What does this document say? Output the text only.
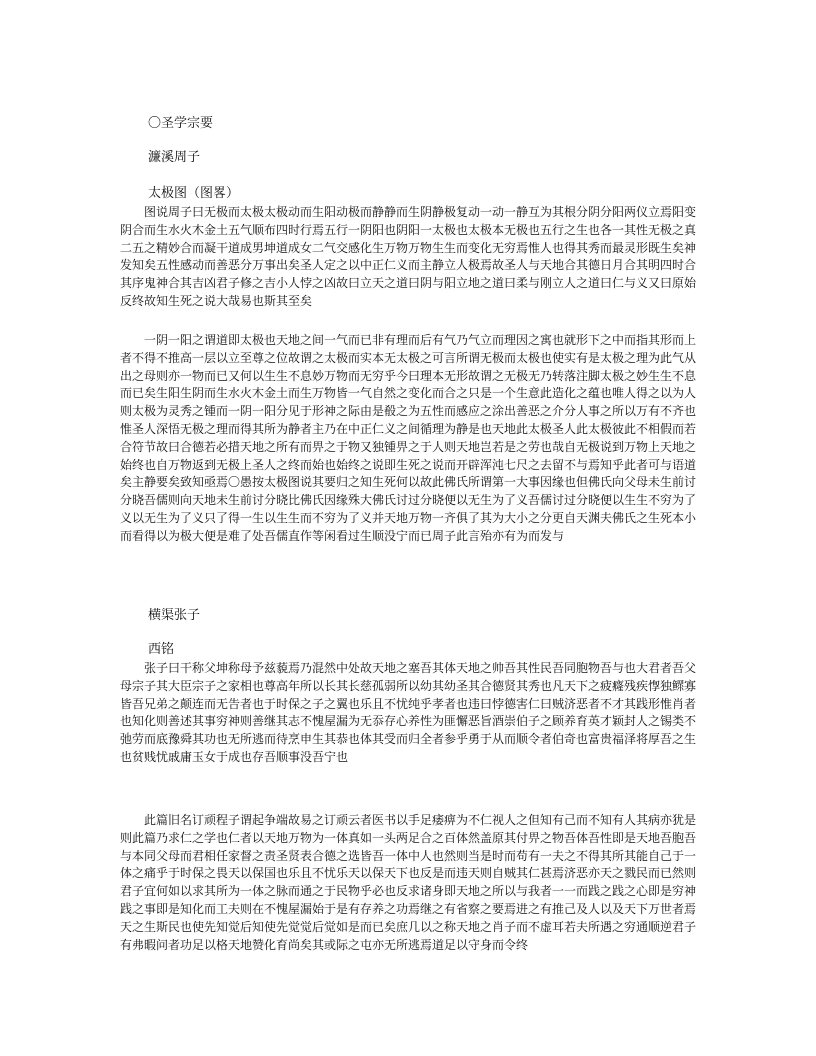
〇圣学宗要

濂溪周子

太极图（图畧）

图说周子曰无极而太极太极动而生阳动极而静静而生阴静极复动一动一静互为其根分阴分阳两仪立焉阳变阴合而生水火木金土五气顺布四时行焉五行一阴阳也阴阳一太极也太极本无极也五行之生也各一其性无极之真二五之精妙合而凝干道成男坤道成女二气交感化生万物万物生生而变化无穷焉惟人也得其秀而最灵形既生矣神发知矣五性感动而善恶分万事出矣圣人定之以中正仁义而主静立人极焉故圣人与天地合其德日月合其明四时合其序鬼神合其吉凶君子修之吉小人悖之凶故曰立天之道曰阴与阳立地之道曰柔与刚立人之道曰仁与义又曰原始反终故知生死之说大哉易也斯其至矣

一阴一阳之谓道即太极也天地之间一气而已非有理而后有气乃气立而理因之寓也就形下之中而指其形而上者不得不推高一层以立至尊之位故谓之太极而实本无太极之可言所谓无极而太极也使实有是太极之理为此气从出之母则亦一物而已又何以生生不息妙万物而无穷乎今曰理本无形故谓之无极无乃转落注脚太极之妙生生不息而已矣生阳生阴而生水火木金土而生万物皆一气自然之变化而合之只是一个生意此造化之蕴也唯人得之以为人则太极为灵秀之锺而一阴一阳分见于形神之际由是殽之为五性而感应之涂出善恶之介分人事之所以万有不齐也惟圣人深悟无极之理而得其所为静者主乃在中正仁义之间循理为静是也天地此太极圣人此太极彼此不相假而若合符节故曰合德若必措天地之所有而畀之于物又独锺畀之于人则天地岂若是之劳也哉自无极说到万物上天地之始终也自万物返到无极上圣人之终而始也始终之说即生死之说而开辟浑沌七尺之去留不与焉知乎此者可与语道矣主静要矣致知亟焉〇愚按太极图说其要归之知生死何以故此佛氏所谓第一大事因缘也但佛氏向父母未生前讨分晓吾儒则向天地未生前讨分晓比佛氏因缘殊大佛氏讨过分晓便以无生为了义吾儒讨过分晓便以生生不穷为了义以无生为了义只了得一生以生生而不穷为了义并天地万物一齐俱了其为大小之分更自天渊夫佛氏之生死本小而看得以为极大便是难了处吾儒直作等闲看过生顺没宁而已周子此言殆亦有为而发与

横渠张子

西铭

张子曰干称父坤称母予兹藐焉乃混然中处故天地之塞吾其体天地之帅吾其性民吾同胞物吾与也大君者吾父母宗子其大臣宗子之家相也尊高年所以长其长慈孤弱所以幼其幼圣其合德贤其秀也凡天下之疲癃残疾惸独鳏寡皆吾兄弟之颠连而无告者也于时保之子之翼也乐且不忧纯乎孝者也违曰悖德害仁曰贼济恶者不才其践形惟肖者也知化则善述其事穷神则善继其志不愧屋漏为无忝存心养性为匪懈恶旨酒崇伯子之顾养育英才颖封人之锡类不弛劳而底豫舜其功也无所逃而待烹申生其恭也体其受而归全者参乎勇于从而顺令者伯奇也富贵福泽将厚吾之生也贫贱忧戚庸玉女于成也存吾顺事没吾宁也

此篇旧名订顽程子谓起争端故易之订顽云者医书以手足痿痹为不仁视人之但知有己而不知有人其病亦犹是则此篇乃求仁之学也仁者以天地万物为一体真如一头两足合之百体然盖原其付畀之物吾体吾性即是天地吾胞吾与本同父母而君相任家督之责圣贤表合德之选皆吾一体中人也然则当是时而苟有一夫之不得其所其能自己于一体之痛乎于时保之畏天以保国也乐且不忧乐天以保天下也反是而违天则自贼其仁甚焉济恶亦天之戮民而已然则君子宜何如以求其所为一体之脉而通之于民物乎必也反求诸身即天地之所以与我者一一而践之践之心即是穷神践之事即是知化而工夫则在不愧屋漏始于是有存养之功焉继之有省察之要焉进之有推己及人以及天下万世者焉天之生斯民也使先知觉后知使先觉觉后觉如是而已矣庶几以之称天地之肖子而不虚耳若夫所遇之穷通顺逆君子有弗暇问者功足以格天地赞化育尚矣其或际之屯亦无所逃焉道足以守身而令终
